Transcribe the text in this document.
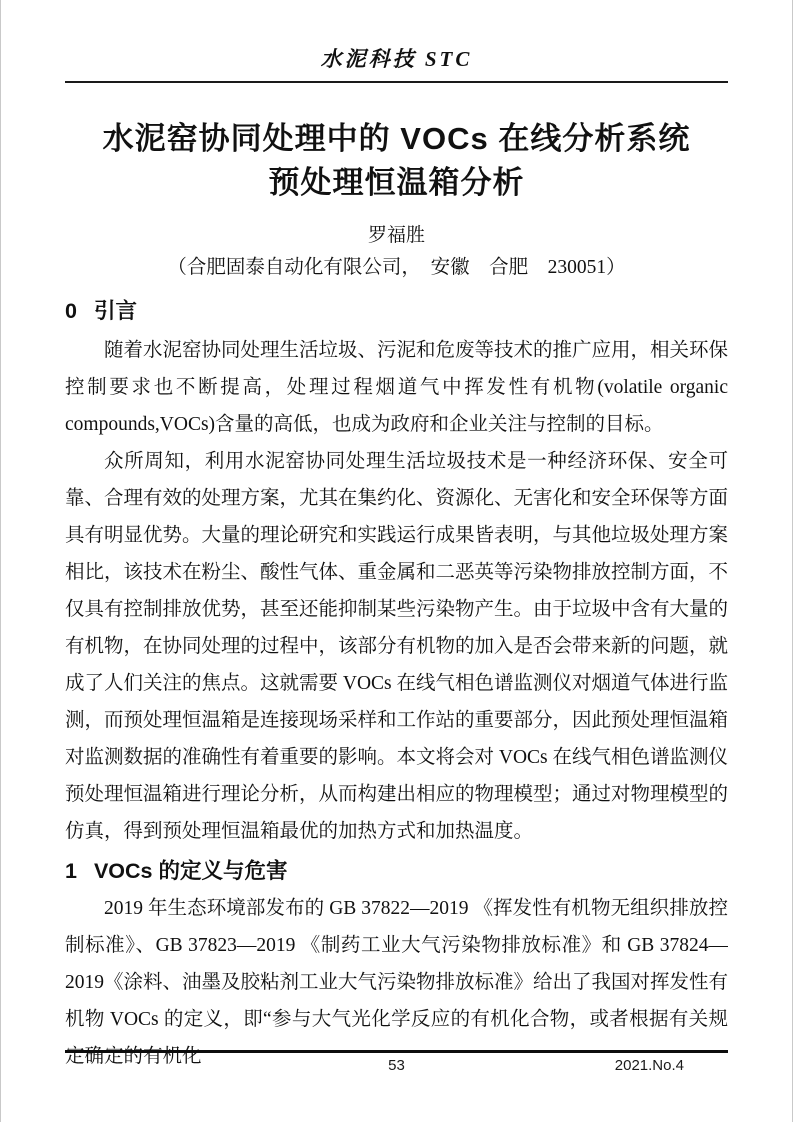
水泥科技 STC
水泥窑协同处理中的 VOCs 在线分析系统
预处理恒温箱分析
罗福胜
（合肥固泰自动化有限公司，　安徽　合肥　230051）
0 引言

随着水泥窑协同处理生活垃圾、污泥和危废等技术的推广应用，相关环保控制要求也不断提高，处理过程烟道气中挥发性有机物(volatile organic compounds,VOCs)含量的高低，也成为政府和企业关注与控制的目标。

众所周知，利用水泥窑协同处理生活垃圾技术是一种经济环保、安全可靠、合理有效的处理方案，尤其在集约化、资源化、无害化和安全环保等方面具有明显优势。大量的理论研究和实践运行成果皆表明，与其他垃圾处理方案相比，该技术在粉尘、酸性气体、重金属和二恶英等污染物排放控制方面，不仅具有控制排放优势，甚至还能抑制某些污染物产生。由于垃圾中含有大量的有机物，在协同处理的过程中，该部分有机物的加入是否会带来新的问题，就成了人们关注的焦点。这就需要 VOCs 在线气相色谱监测仪对烟道气体进行监测，而预处理恒温箱是连接现场采样和工作站的重要部分，因此预处理恒温箱对监测数据的准确性有着重要的影响。本文将会对 VOCs 在线气相色谱监测仪预处理恒温箱进行理论分析，从而构建出相应的物理模型；通过对物理模型的仿真，得到预处理恒温箱最优的加热方式和加热温度。

1 VOCs 的定义与危害

2019 年生态环境部发布的 GB 37822—2019 《挥发性有机物无组织排放控制标准》、GB 37823—2019 《制药工业大气污染物排放标准》和 GB 37824—2019《涂料、油墨及胶粘剂工业大气污染物排放标准》给出了我国对挥发性有机物 VOCs 的定义，即“参与大气光化学反应的有机化合物，或者根据有关规定确定的有机化	53	2021.No.4
